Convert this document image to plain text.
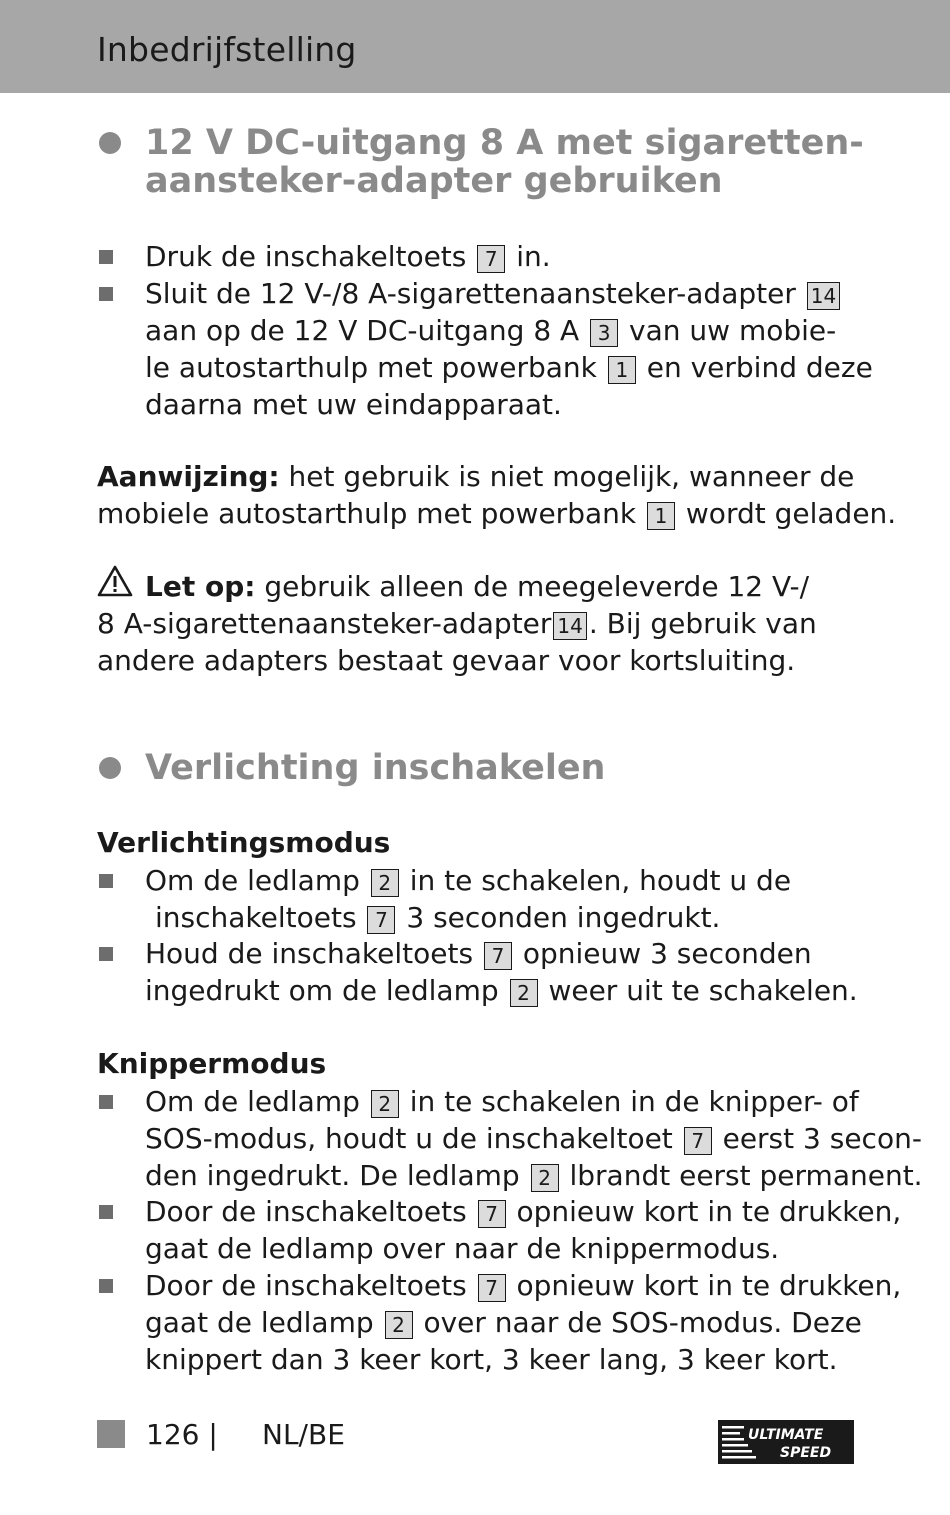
Inbedrijfstelling
12 V DC-uitgang 8 A met sigaretten-
aansteker-adapter gebruiken
Druk de inschakeltoets 7 in.
Sluit de 12 V-/8 A-sigarettenaansteker-adapter 14
aan op de 12 V DC-uitgang 8 A 3 van uw mobie-
le autostarthulp met powerbank 1 en verbind deze
daarna met uw eindapparaat.
Aanwijzing: het gebruik is niet mogelijk, wanneer de
mobiele autostarthulp met powerbank 1 wordt geladen.
Let op: gebruik alleen de meegeleverde 12 V-/
8 A-sigarettenaansteker-adapter 14 . Bij gebruik van
andere adapters bestaat gevaar voor kortsluiting.
Verlichting inschakelen
Verlichtingsmodus
Om de ledlamp 2 in te schakelen, houdt u de
inschakeltoets 7 3 seconden ingedrukt.
Houd de inschakeltoets 7 opnieuw 3 seconden
ingedrukt om de ledlamp 2 weer uit te schakelen.
Knippermodus
Om de ledlamp 2 in te schakelen in de knipper- of
SOS-modus, houdt u de inschakeltoet 7 eerst 3 secon-
den ingedrukt. De ledlamp 2 lbrandt eerst permanent.
Door de inschakeltoets 7 opnieuw kort in te drukken,
gaat de ledlamp over naar de knippermodus.
Door de inschakeltoets 7 opnieuw kort in te drukken,
gaat de ledlamp 2 over naar de SOS-modus. Deze
knippert dan 3 keer kort, 3 keer lang, 3 keer kort.
126 | NL/BE	ULTIMATE
SPEED
